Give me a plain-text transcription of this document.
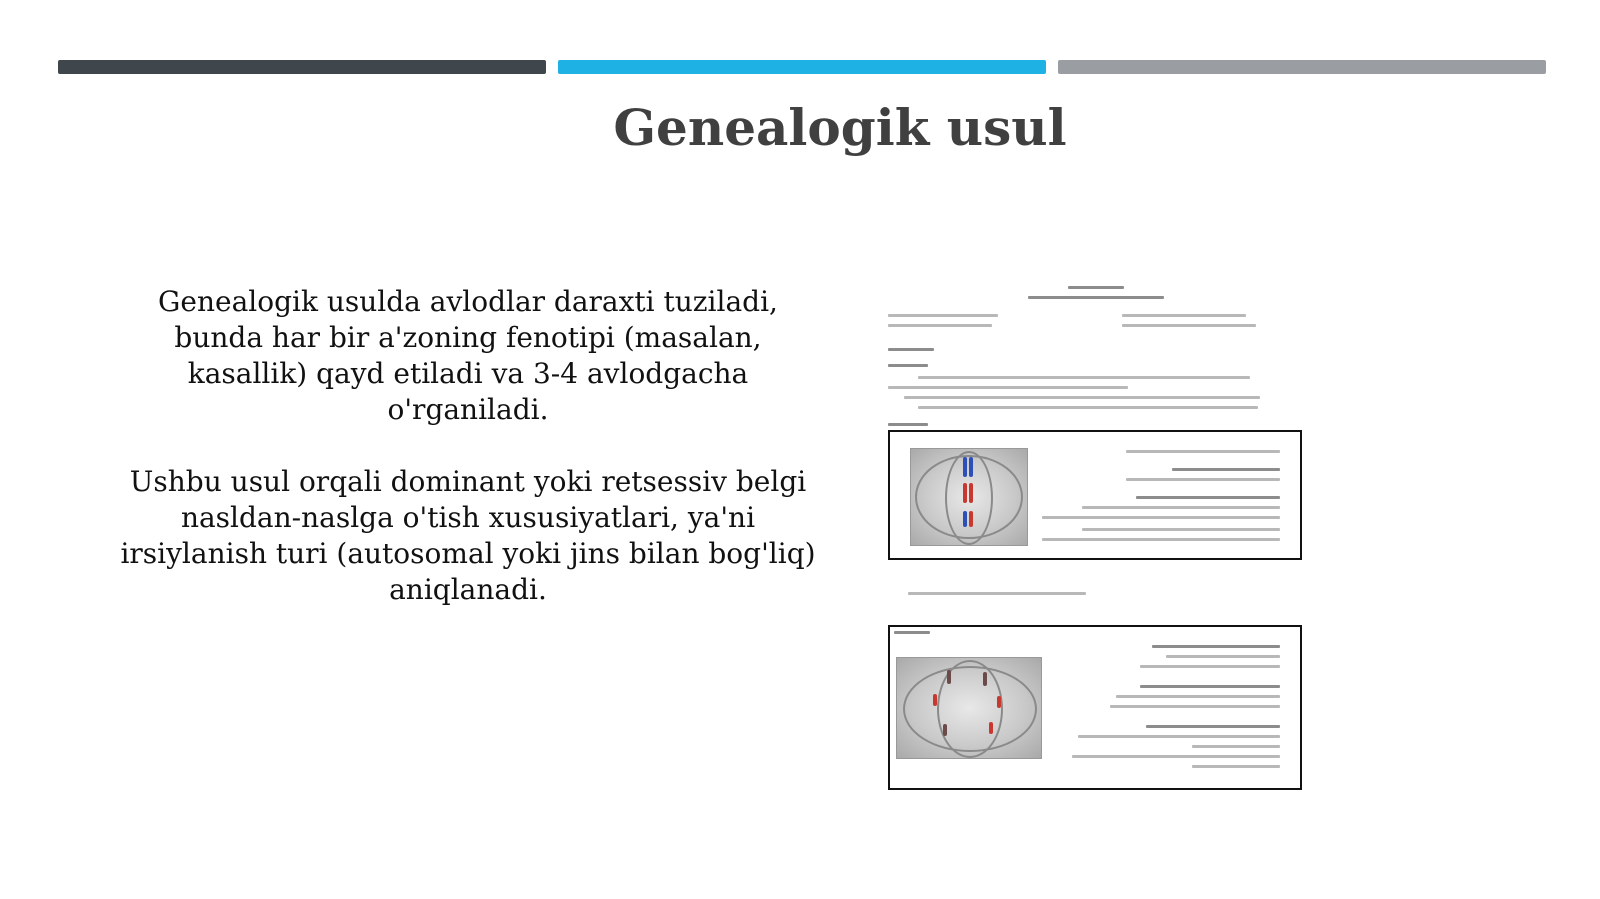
Genealogik usul

Genealogik usulda avlodlar daraxti tuziladi, bunda har bir a'zoning fenotipi (masalan, kasallik) qayd etiladi va 3-4 avlodgacha o'rganiladi.

Ushbu usul orqali dominant yoki retsessiv belgi nasldan-naslga o'tish xususiyatlari, ya'ni irsiylanish turi (autosomal yoki jins bilan bog'liq) aniqlanadi.
